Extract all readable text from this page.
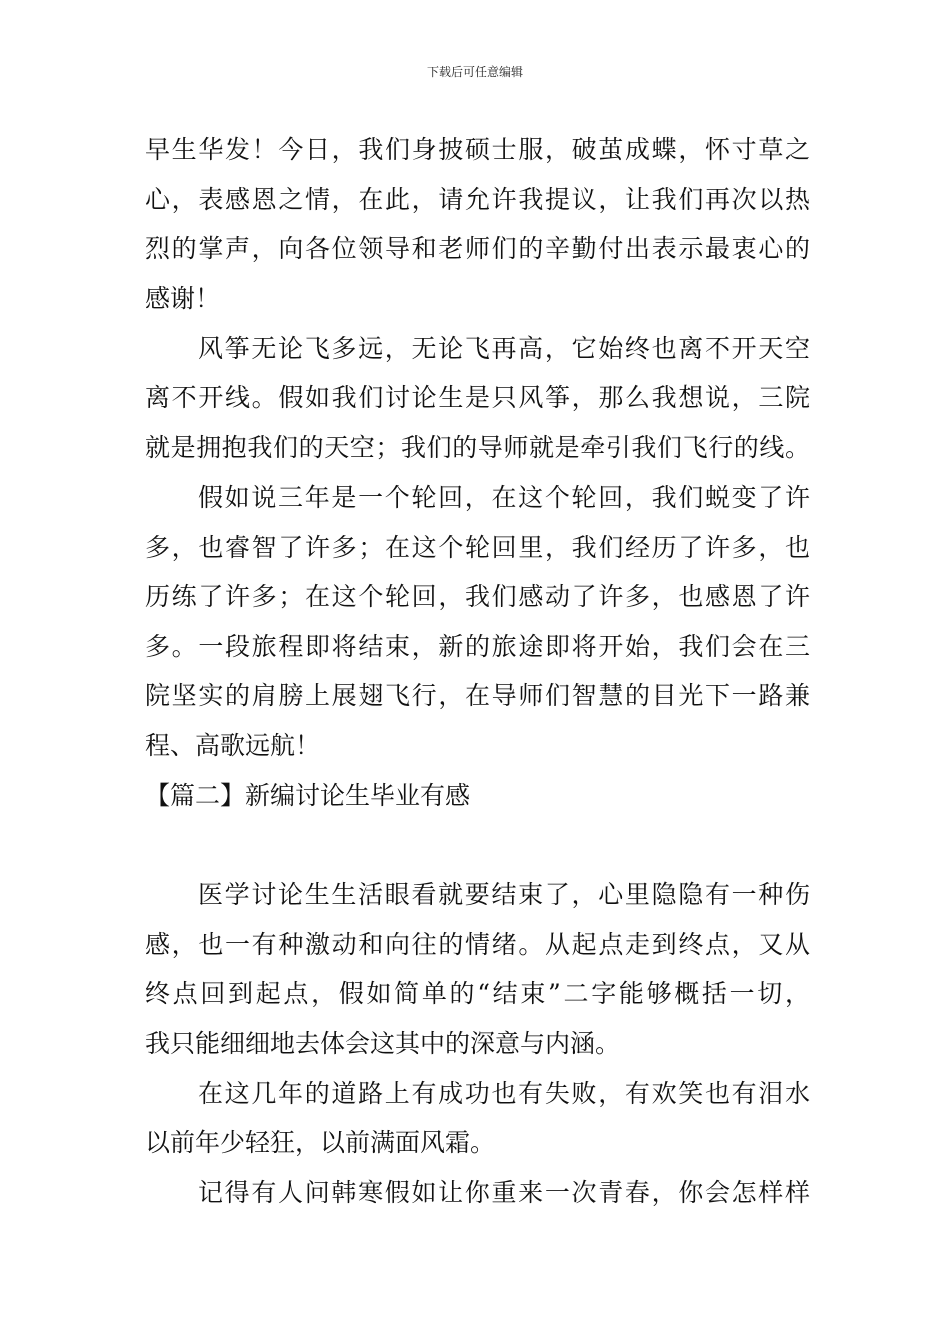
下载后可任意编辑
早生华发！今日，我们身披硕士服，破茧成蝶，怀寸草之
心，表感恩之情，在此，请允许我提议，让我们再次以热
烈的掌声，向各位领导和老师们的辛勤付出表示最衷心的
感谢！
风筝无论飞多远，无论飞再高，它始终也离不开天空
离不开线。假如我们讨论生是只风筝，那么我想说，三院
就是拥抱我们的天空；我们的导师就是牵引我们飞行的线。
假如说三年是一个轮回，在这个轮回，我们蜕变了许
多，也睿智了许多；在这个轮回里，我们经历了许多，也
历练了许多；在这个轮回，我们感动了许多，也感恩了许
多。一段旅程即将结束，新的旅途即将开始，我们会在三
院坚实的肩膀上展翅飞行，在导师们智慧的目光下一路兼
程、高歌远航！
【篇二】新编讨论生毕业有感
医学讨论生生活眼看就要结束了，心里隐隐有一种伤
感，也一有种激动和向往的情绪。从起点走到终点，又从
终点回到起点，假如简单的“结束”二字能够概括一切，
我只能细细地去体会这其中的深意与内涵。
在这几年的道路上有成功也有失败，有欢笑也有泪水
以前年少轻狂，以前满面风霜。
记得有人问韩寒假如让你重来一次青春，你会怎样样
